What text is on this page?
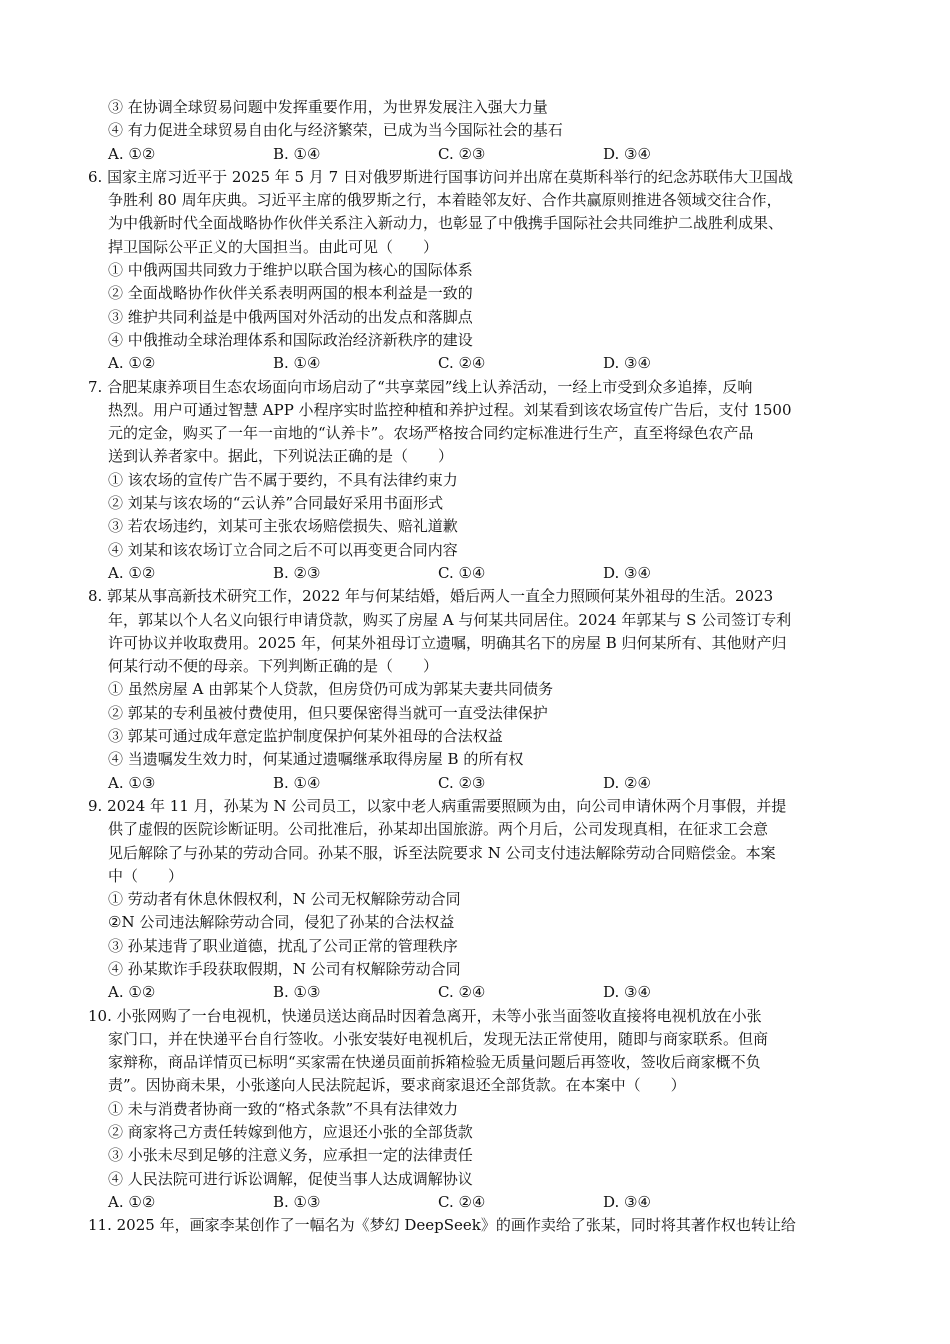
③ 在协调全球贸易问题中发挥重要作用，为世界发展注入强大力量
④ 有力促进全球贸易自由化与经济繁荣，已成为当今国际社会的基石
A. ①②	B. ①④	C. ②③	D. ③④
6. 国家主席习近平于 2025 年 5 月 7 日对俄罗斯进行国事访问并出席在莫斯科举行的纪念苏联伟大卫国战
争胜利 80 周年庆典。习近平主席的俄罗斯之行，本着睦邻友好、合作共赢原则推进各领域交往合作，
为中俄新时代全面战略协作伙伴关系注入新动力，也彰显了中俄携手国际社会共同维护二战胜利成果、
捍卫国际公平正义的大国担当。由此可见（　　）
① 中俄两国共同致力于维护以联合国为核心的国际体系
② 全面战略协作伙伴关系表明两国的根本利益是一致的
③ 维护共同利益是中俄两国对外活动的出发点和落脚点
④ 中俄推动全球治理体系和国际政治经济新秩序的建设
A. ①②	B. ①④	C. ②④	D. ③④
7. 合肥某康养项目生态农场面向市场启动了“共享菜园”线上认养活动，一经上市受到众多追捧，反响
热烈。用户可通过智慧 APP 小程序实时监控种植和养护过程。刘某看到该农场宣传广告后，支付 1500
元的定金，购买了一年一亩地的“认养卡”。农场严格按合同约定标准进行生产，直至将绿色农产品
送到认养者家中。据此，下列说法正确的是（　　）
① 该农场的宣传广告不属于要约，不具有法律约束力
② 刘某与该农场的“云认养”合同最好采用书面形式
③ 若农场违约，刘某可主张农场赔偿损失、赔礼道歉
④ 刘某和该农场订立合同之后不可以再变更合同内容
A. ①②	B. ②③	C. ①④	D. ③④
8. 郭某从事高新技术研究工作，2022 年与何某结婚，婚后两人一直全力照顾何某外祖母的生活。2023
年，郭某以个人名义向银行申请贷款，购买了房屋 A 与何某共同居住。2024 年郭某与 S 公司签订专利
许可协议并收取费用。2025 年，何某外祖母订立遗嘱，明确其名下的房屋 B 归何某所有、其他财产归
何某行动不便的母亲。下列判断正确的是（　　）
① 虽然房屋 A 由郭某个人贷款，但房贷仍可成为郭某夫妻共同债务
② 郭某的专利虽被付费使用，但只要保密得当就可一直受法律保护
③ 郭某可通过成年意定监护制度保护何某外祖母的合法权益
④ 当遗嘱发生效力时，何某通过遗嘱继承取得房屋 B 的所有权
A. ①③	B. ①④	C. ②③	D. ②④
9. 2024 年 11 月，孙某为 N 公司员工，以家中老人病重需要照顾为由，向公司申请休两个月事假，并提
供了虚假的医院诊断证明。公司批准后，孙某却出国旅游。两个月后，公司发现真相，在征求工会意
见后解除了与孙某的劳动合同。孙某不服，诉至法院要求 N 公司支付违法解除劳动合同赔偿金。本案
中（　　）
① 劳动者有休息休假权利，N 公司无权解除劳动合同
②N 公司违法解除劳动合同，侵犯了孙某的合法权益
③ 孙某违背了职业道德，扰乱了公司正常的管理秩序
④ 孙某欺诈手段获取假期，N 公司有权解除劳动合同
A. ①②	B. ①③	C. ②④	D. ③④
10. 小张网购了一台电视机，快递员送达商品时因着急离开，未等小张当面签收直接将电视机放在小张
家门口，并在快递平台自行签收。小张安装好电视机后，发现无法正常使用，随即与商家联系。但商
家辩称，商品详情页已标明“买家需在快递员面前拆箱检验无质量问题后再签收，签收后商家概不负
责”。因协商未果，小张遂向人民法院起诉，要求商家退还全部货款。在本案中（　　）
① 未与消费者协商一致的“格式条款”不具有法律效力
② 商家将己方责任转嫁到他方，应退还小张的全部货款
③ 小张未尽到足够的注意义务，应承担一定的法律责任
④ 人民法院可进行诉讼调解，促使当事人达成调解协议
A. ①②	B. ①③	C. ②④	D. ③④
11. 2025 年，画家李某创作了一幅名为《梦幻 DeepSeek》的画作卖给了张某，同时将其著作权也转让给
